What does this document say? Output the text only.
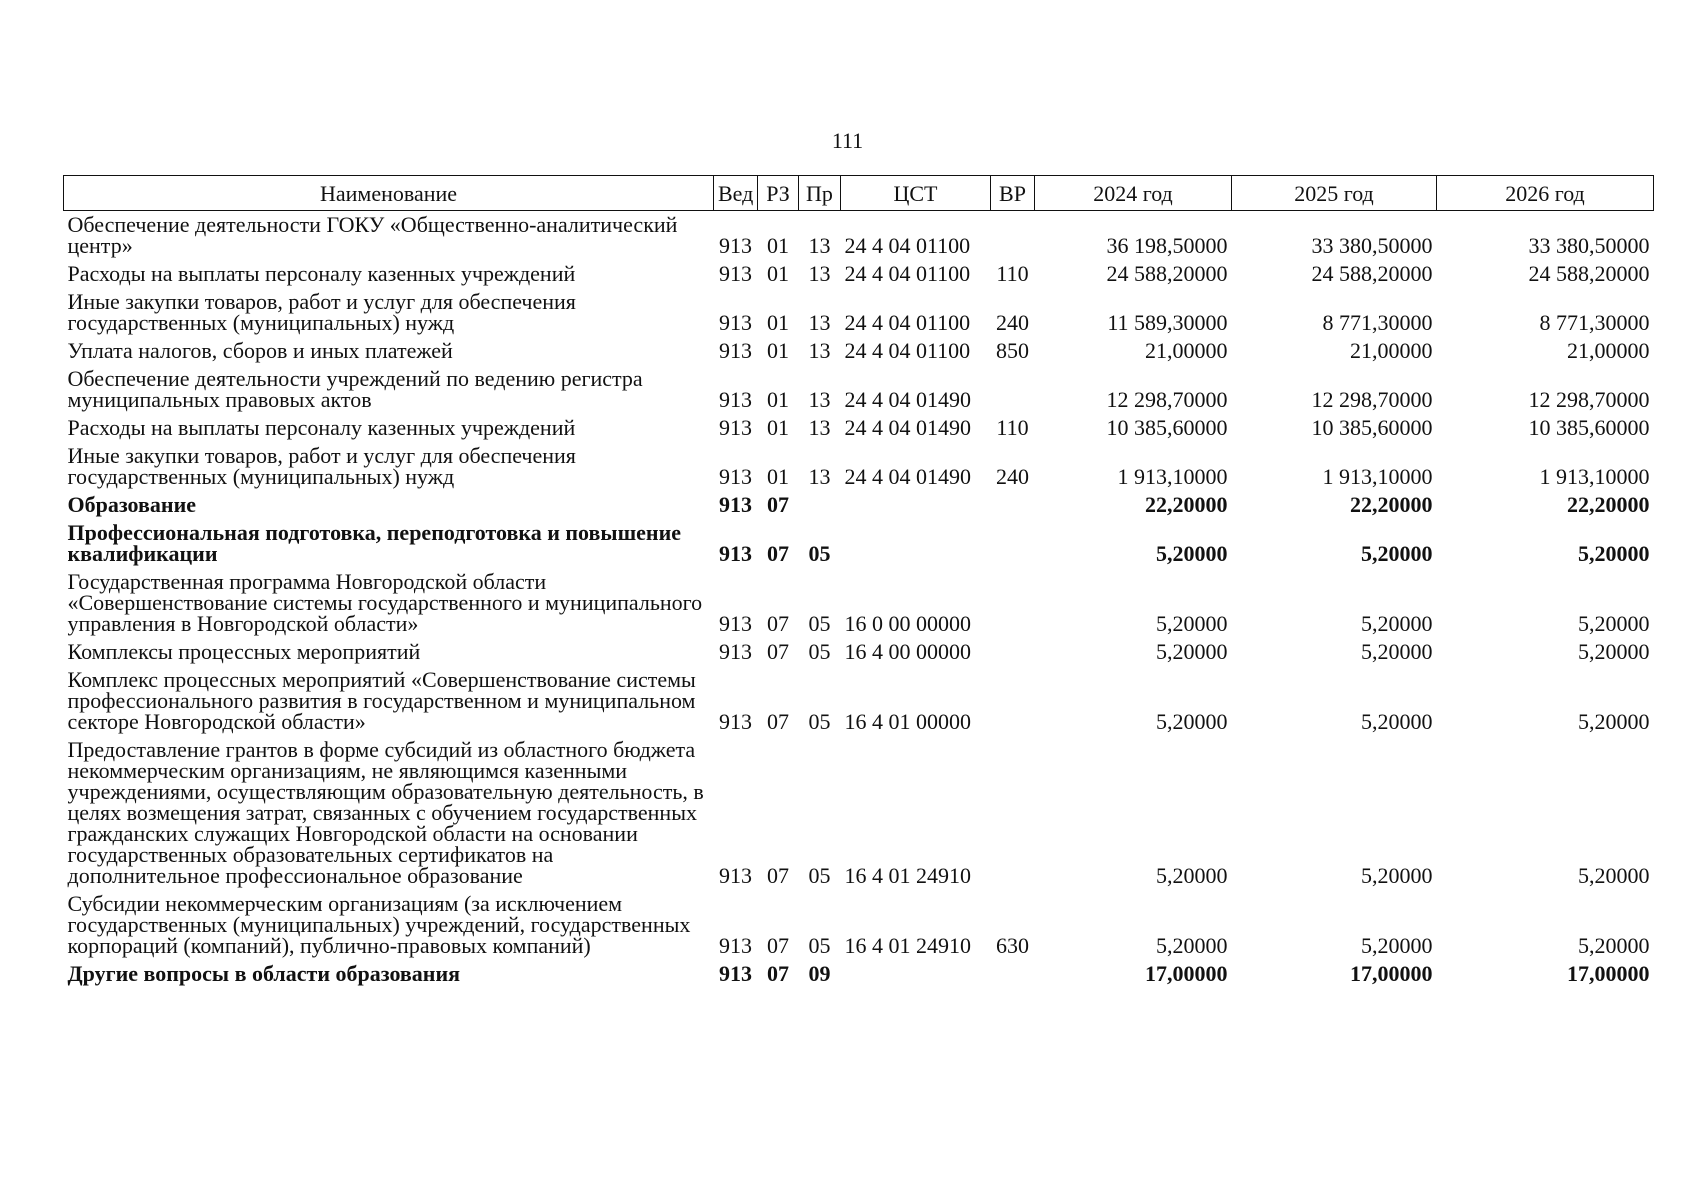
111
Наименование	Вед	РЗ	Пр	ЦСТ	ВР	2024 год	2025 год	2026 год
Обеспечение деятельности ГОКУ «Общественно-аналитический центр»	913	01	13	24 4 04 01100		36 198,50000	33 380,50000	33 380,50000
Расходы на выплаты персоналу казенных учреждений	913	01	13	24 4 04 01100	110	24 588,20000	24 588,20000	24 588,20000
Иные закупки товаров, работ и услуг для обеспечения государственных (муниципальных) нужд	913	01	13	24 4 04 01100	240	11 589,30000	8 771,30000	8 771,30000
Уплата налогов, сборов и иных платежей	913	01	13	24 4 04 01100	850	21,00000	21,00000	21,00000
Обеспечение деятельности учреждений по ведению регистра муниципальных правовых актов	913	01	13	24 4 04 01490		12 298,70000	12 298,70000	12 298,70000
Расходы на выплаты персоналу казенных учреждений	913	01	13	24 4 04 01490	110	10 385,60000	10 385,60000	10 385,60000
Иные закупки товаров, работ и услуг для обеспечения государственных (муниципальных) нужд	913	01	13	24 4 04 01490	240	1 913,10000	1 913,10000	1 913,10000
Образование	913	07				22,20000	22,20000	22,20000
Профессиональная подготовка, переподготовка и повышение квалификации	913	07	05			5,20000	5,20000	5,20000
Государственная программа Новгородской области «Совершенствование системы государственного и муниципального управления в Новгородской области»	913	07	05	16 0 00 00000		5,20000	5,20000	5,20000
Комплексы процессных мероприятий	913	07	05	16 4 00 00000		5,20000	5,20000	5,20000
Комплекс процессных мероприятий «Совершенствование системы профессионального развития в государственном и муниципальном секторе Новгородской области»	913	07	05	16 4 01 00000		5,20000	5,20000	5,20000
Предоставление грантов в форме субсидий из областного бюджета некоммерческим организациям, не являющимся казенными учреждениями, осуществляющим образовательную деятельность, в целях возмещения затрат, связанных с обучением государственных гражданских служащих Новгородской области на основании государственных образовательных сертификатов на дополнительное профессиональное образование	913	07	05	16 4 01 24910		5,20000	5,20000	5,20000
Субсидии некоммерческим организациям (за исключением государственных (муниципальных) учреждений, государственных корпораций (компаний), публично-правовых компаний)	913	07	05	16 4 01 24910	630	5,20000	5,20000	5,20000
Другие вопросы в области образования	913	07	09			17,00000	17,00000	17,00000
